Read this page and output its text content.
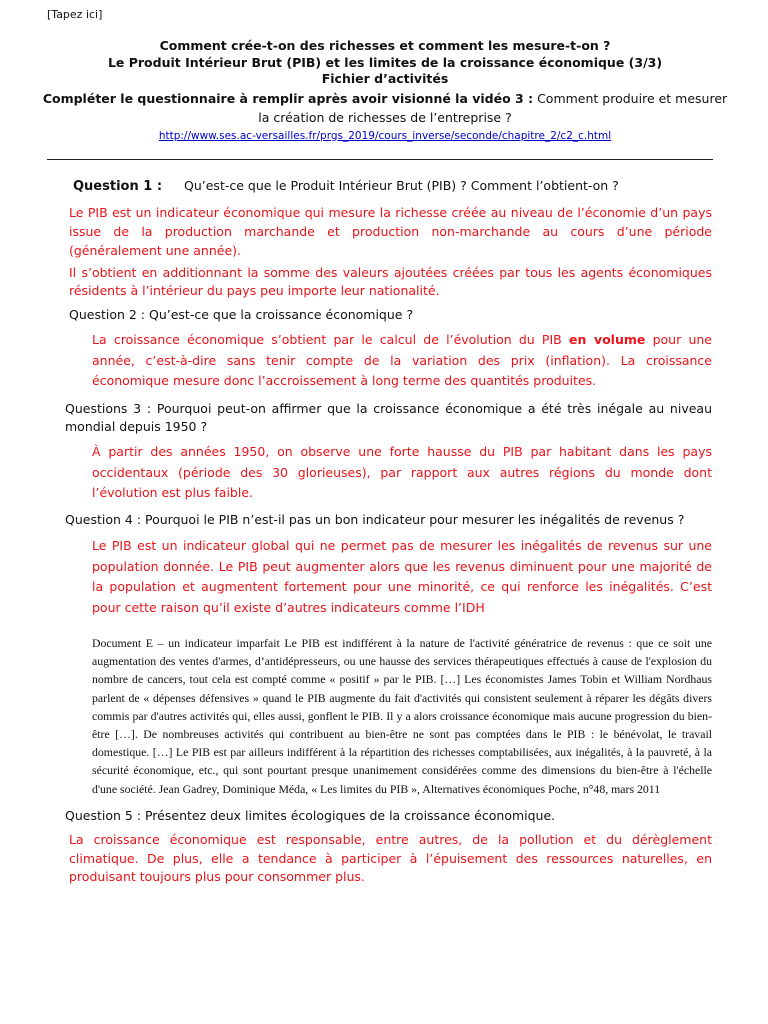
[Tapez ici]
Comment crée-t-on des richesses et comment les mesure-t-on ?
Le Produit Intérieur Brut (PIB) et les limites de la croissance économique (3/3)
Fichier d’activités
Compléter le questionnaire à remplir après avoir visionné la vidéo 3 : Comment produire et mesurer la création de richesses de l’entreprise ?
http://www.ses.ac-versailles.fr/prgs_2019/cours_inverse/seconde/chapitre_2/c2_c.html
Question 1 : Qu’est-ce que le Produit Intérieur Brut (PIB) ? Comment l’obtient-on ?
Le PIB est un indicateur économique qui mesure la richesse créée au niveau de l’économie d’un pays issue de la production marchande et production non-marchande au cours d’une période (généralement une année).
Il s’obtient en additionnant la somme des valeurs ajoutées créées par tous les agents économiques résidents à l’intérieur du pays peu importe leur nationalité.
Question 2 : Qu’est-ce que la croissance économique ?
La croissance économique s’obtient par le calcul de l’évolution du PIB en volume pour une année, c’est-à-dire sans tenir compte de la variation des prix (inflation). La croissance économique mesure donc l’accroissement à long terme des quantités produites.
Questions 3 : Pourquoi peut-on affirmer que la croissance économique a été très inégale au niveau mondial depuis 1950 ?
À partir des années 1950, on observe une forte hausse du PIB par habitant dans les pays occidentaux (période des 30 glorieuses), par rapport aux autres régions du monde dont l’évolution est plus faible.
Question 4 : Pourquoi le PIB n’est-il pas un bon indicateur pour mesurer les inégalités de revenus ?
Le PIB est un indicateur global qui ne permet pas de mesurer les inégalités de revenus sur une population donnée. Le PIB peut augmenter alors que les revenus diminuent pour une majorité de la population et augmentent fortement pour une minorité, ce qui renforce les inégalités. C’est pour cette raison qu’il existe d’autres indicateurs comme l’IDH
Document E – un indicateur imparfait Le PIB est indifférent à la nature de l'activité génératrice de revenus : que ce soit une augmentation des ventes d'armes, d’antidépresseurs, ou une hausse des services thérapeutiques effectués à cause de l'explosion du nombre de cancers, tout cela est compté comme « positif » par le PIB. […] Les économistes James Tobin et William Nordhaus parlent de « dépenses défensives » quand le PIB augmente du fait d'activités qui consistent seulement à réparer les dégâts divers commis par d'autres activités qui, elles aussi, gonflent le PIB. Il y a alors croissance économique mais aucune progression du bien-être […]. De nombreuses activités qui contribuent au bien-être ne sont pas comptées dans le PIB : le bénévolat, le travail domestique. […] Le PIB est par ailleurs indifférent à la répartition des richesses comptabilisées, aux inégalités, à la pauvreté, à la sécurité économique, etc., qui sont pourtant presque unanimement considérées comme des dimensions du bien-être à l'échelle d'une société. Jean Gadrey, Dominique Méda, « Les limites du PIB », Alternatives économiques Poche, n°48, mars 2011
Question 5 : Présentez deux limites écologiques de la croissance économique.
La croissance économique est responsable, entre autres, de la pollution et du dérèglement climatique. De plus, elle a tendance à participer à l’épuisement des ressources naturelles, en produisant toujours plus pour consommer plus.
